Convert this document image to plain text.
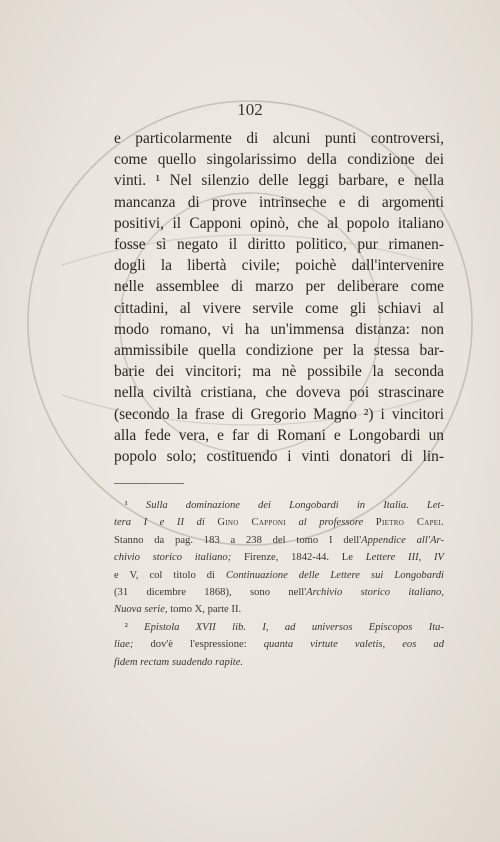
102
e particolarmente di alcuni punti controversi,
come quello singolarissimo della condizione dei
vinti. ¹ Nel silenzio delle leggi barbare, e nella
mancanza di prove intrinseche e di argomenti
positivi, il Capponi opinò, che al popolo italiano
fosse sì negato il diritto politico, pur rimanen-
dogli la libertà civile; poichè dall'intervenire
nelle assemblee di marzo per deliberare come
cittadini, al vivere servile come gli schiavi al
modo romano, vi ha un'immensa distanza: non
ammissibile quella condizione per la stessa bar-
barie dei vincitori; ma nè possibile la seconda
nella civiltà cristiana, che doveva poi strascinare
(secondo la frase di Gregorio Magno ²) i vincitori
alla fede vera, e far di Romani e Longobardi un
popolo solo; costituendo i vinti donatori di lin-
 ¹ Sulla dominazione dei Longobardi in Italia. Let-
tera I e II di Gino Capponi al professore Pietro Capei.
Stanno da pag. 183 a 238 del tomo I dell'Appendice all'Ar-
chivio storico italiano; Firenze, 1842-44. Le Lettere III, IV
e V, col titolo di Continuazione delle Lettere sui Longobardi
(31 dicembre 1868), sono nell'Archivio storico italiano,
Nuova serie, tomo X, parte II.
 ² Epistola XVII lib. I, ad universos Episcopos Ita-
liae; dov'è l'espressione: quanta virtute valetis, eos ad
fidem rectam suadendo rapite.
